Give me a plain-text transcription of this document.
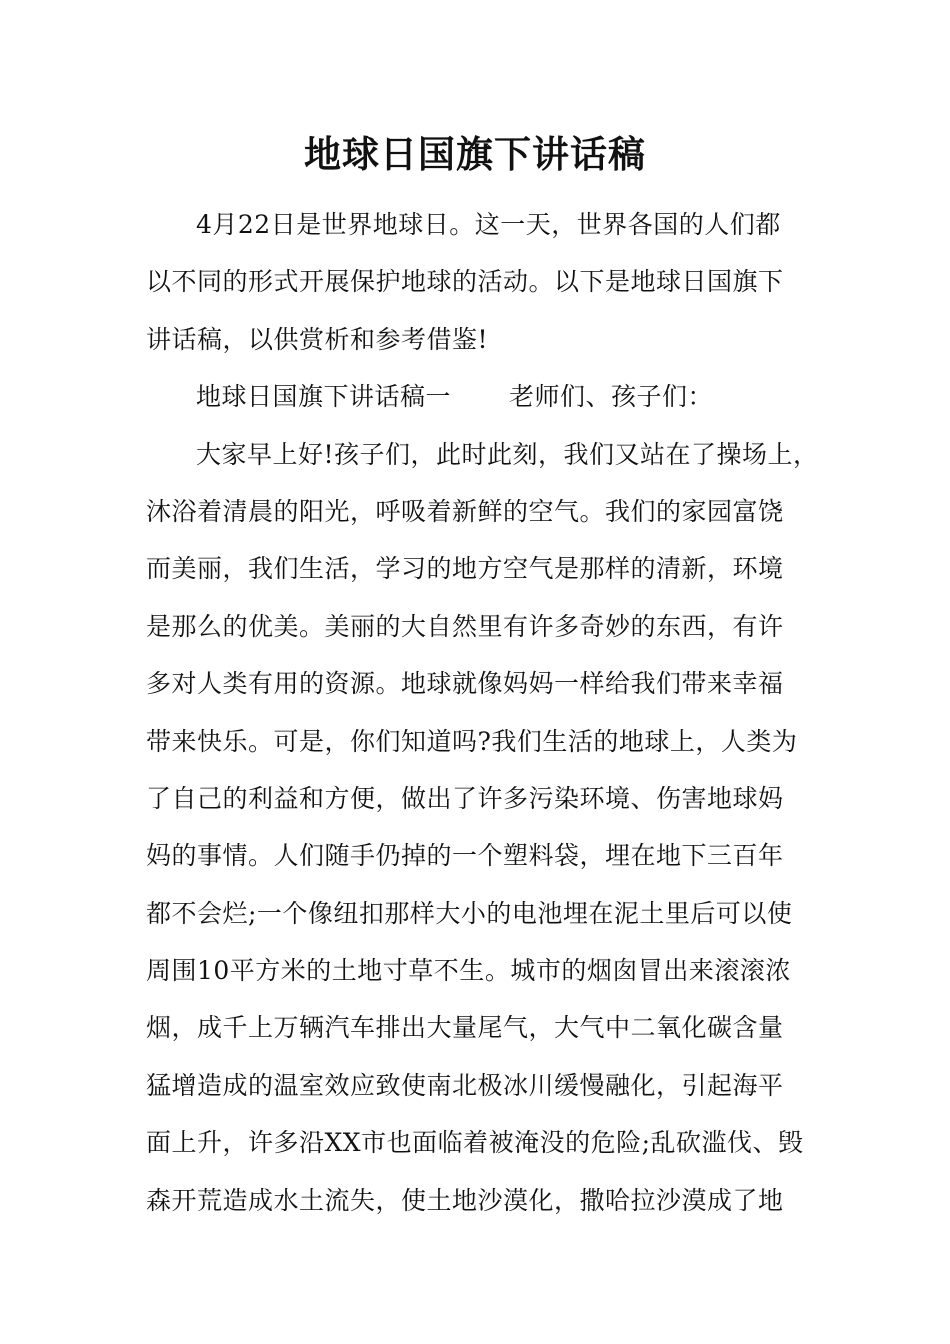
地球日国旗下讲话稿
4月22日是世界地球日。这一天，世界各国的人们都
以不同的形式开展保护地球的活动。以下是地球日国旗下
讲话稿，以供赏析和参考借鉴!
地球日国旗下讲话稿一 老师们、孩子们：
大家早上好!孩子们，此时此刻，我们又站在了操场上，
沐浴着清晨的阳光，呼吸着新鲜的空气。我们的家园富饶
而美丽，我们生活，学习的地方空气是那样的清新，环境
是那么的优美。美丽的大自然里有许多奇妙的东西，有许
多对人类有用的资源。地球就像妈妈一样给我们带来幸福
带来快乐。可是，你们知道吗?我们生活的地球上，人类为
了自己的利益和方便，做出了许多污染环境、伤害地球妈
妈的事情。人们随手仍掉的一个塑料袋，埋在地下三百年
都不会烂;一个像纽扣那样大小的电池埋在泥土里后可以使
周围10平方米的土地寸草不生。城市的烟囱冒出来滚滚浓
烟，成千上万辆汽车排出大量尾气，大气中二氧化碳含量
猛增造成的温室效应致使南北极冰川缓慢融化，引起海平
面上升，许多沿XX市也面临着被淹没的危险;乱砍滥伐、毁
森开荒造成水土流失，使土地沙漠化，撒哈拉沙漠成了地
